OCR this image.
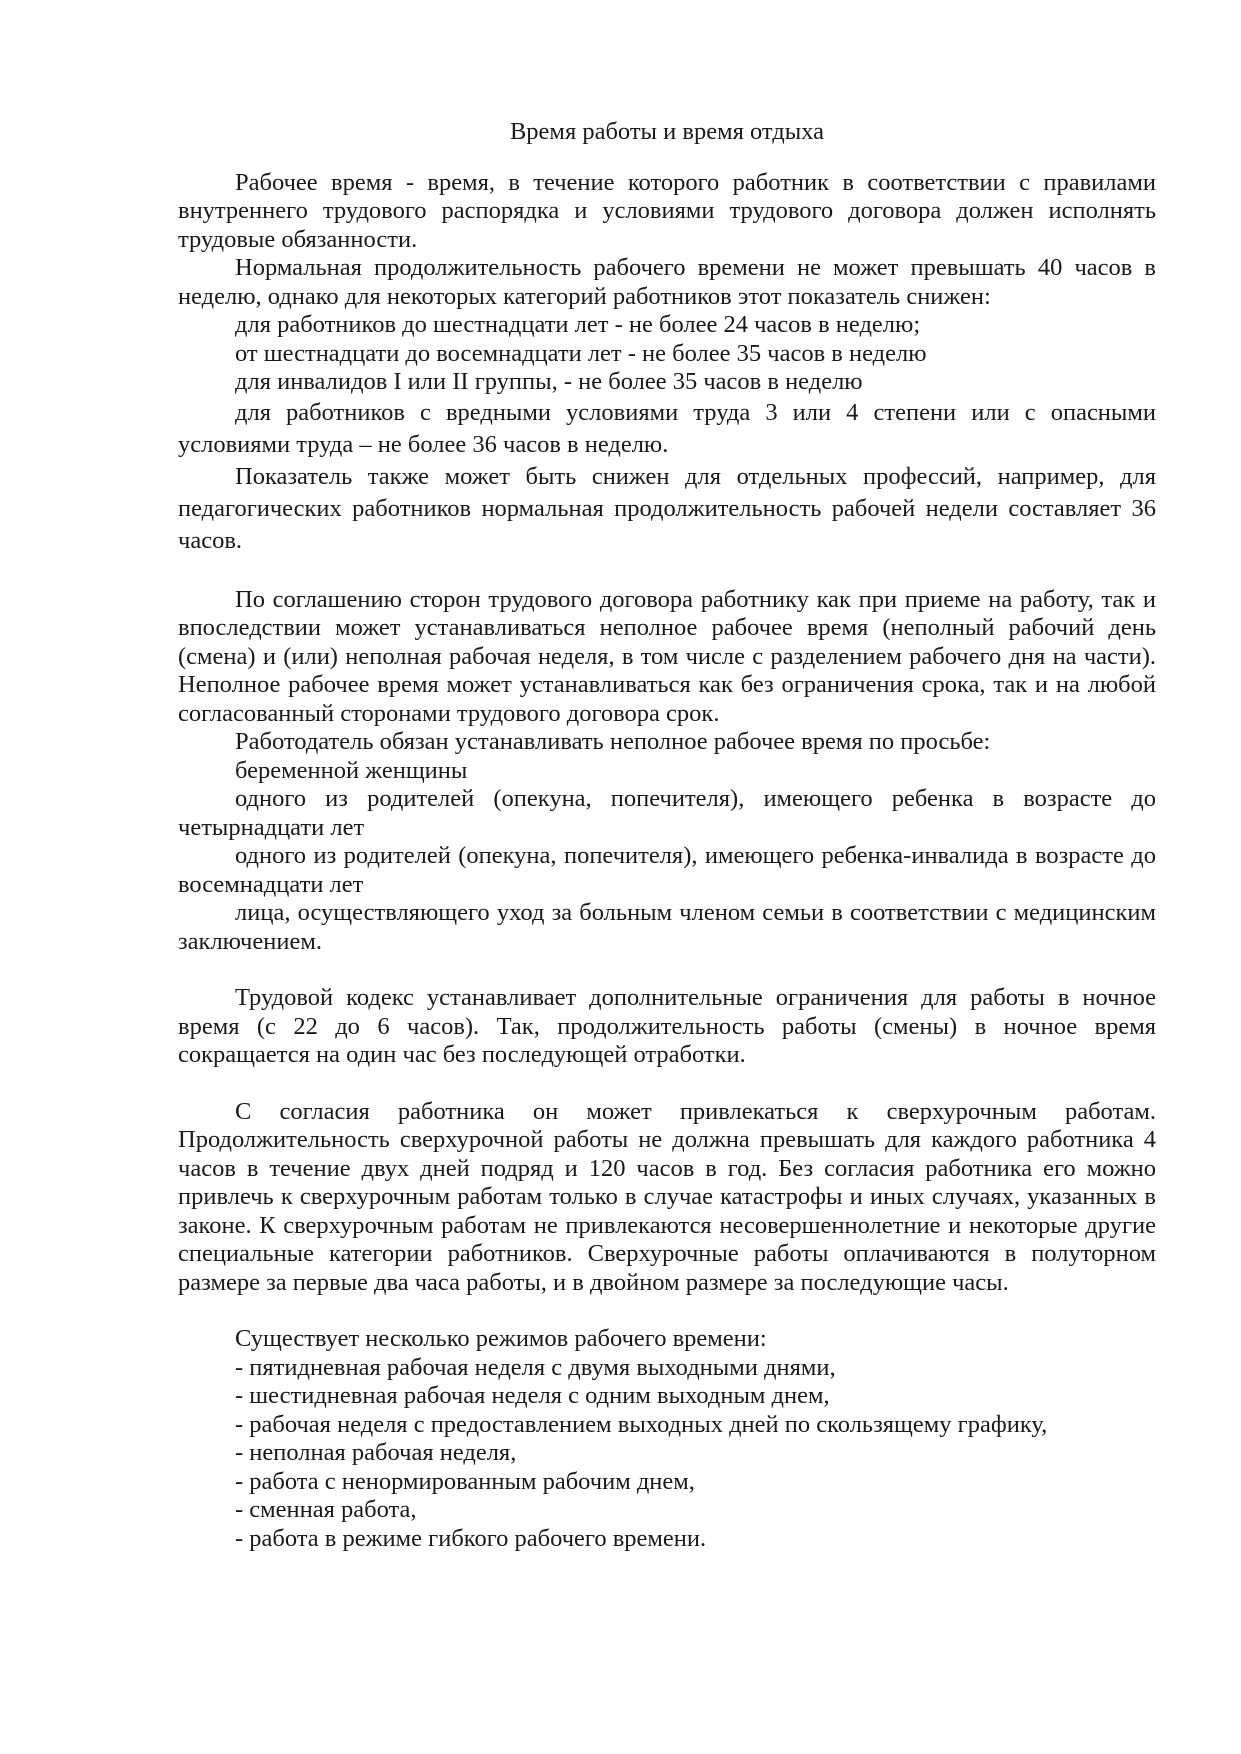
Время работы и время отдыха

Рабочее время - время, в течение которого работник в соответствии с правилами внутреннего трудового распорядка и условиями трудового договора должен исполнять трудовые обязанности.

Нормальная продолжительность рабочего времени не может превышать 40 часов в неделю, однако для некоторых категорий работников этот показатель снижен:

для работников до шестнадцати лет - не более 24 часов в неделю;

от шестнадцати до восемнадцати лет - не более 35 часов в неделю

для инвалидов I или II группы, - не более 35 часов в неделю

для работников с вредными условиями труда 3 или 4 степени или с опасными условиями труда – не более 36 часов в неделю.

Показатель также может быть снижен для отдельных профессий, например, для педагогических работников нормальная продолжительность рабочей недели составляет 36 часов.

По соглашению сторон трудового договора работнику как при приеме на работу, так и впоследствии может устанавливаться неполное рабочее время (неполный рабочий день (смена) и (или) неполная рабочая неделя, в том числе с разделением рабочего дня на части). Неполное рабочее время может устанавливаться как без ограничения срока, так и на любой согласованный сторонами трудового договора срок.

Работодатель обязан устанавливать неполное рабочее время по просьбе:

беременной женщины

одного из родителей (опекуна, попечителя), имеющего ребенка в возрасте до четырнадцати лет

одного из родителей (опекуна, попечителя), имеющего ребенка-инвалида в возрасте до восемнадцати лет

лица, осуществляющего уход за больным членом семьи в соответствии с медицинским заключением.

Трудовой кодекс устанавливает дополнительные ограничения для работы в ночное время (с 22 до 6 часов). Так, продолжительность работы (смены) в ночное время сокращается на один час без последующей отработки.

С согласия работника он может привлекаться к сверхурочным работам. Продолжительность сверхурочной работы не должна превышать для каждого работника 4 часов в течение двух дней подряд и 120 часов в год. Без согласия работника его можно привлечь к сверхурочным работам только в случае катастрофы и иных случаях, указанных в законе. К сверхурочным работам не привлекаются несовершеннолетние и некоторые другие специальные категории работников. Сверхурочные работы оплачиваются в полуторном размере за первые два часа работы, и в двойном размере за последующие часы.

Существует несколько режимов рабочего времени:

- пятидневная рабочая неделя с двумя выходными днями,
- шестидневная рабочая неделя с одним выходным днем,
- рабочая неделя с предоставлением выходных дней по скользящему графику,
- неполная рабочая неделя,
- работа с ненормированным рабочим днем,
- сменная работа,
- работа в режиме гибкого рабочего времени.
